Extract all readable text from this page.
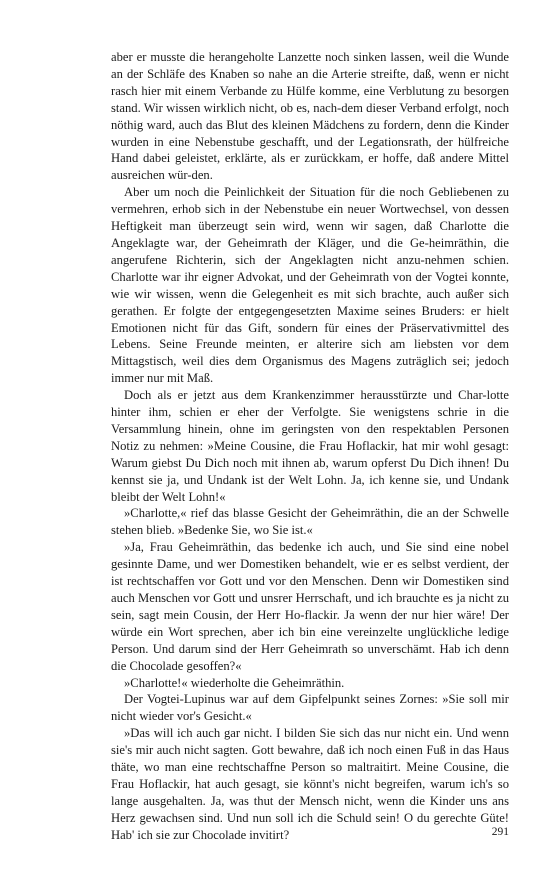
aber er musste die herangeholte Lanzette noch sinken lassen, weil die Wunde an der Schläfe des Knaben so nahe an die Arterie streifte, daß, wenn er nicht rasch hier mit einem Verbande zu Hülfe komme, eine Verblutung zu besorgen stand. Wir wissen wirklich nicht, ob es, nach-dem dieser Verband erfolgt, noch nöthig ward, auch das Blut des kleinen Mädchens zu fordern, denn die Kinder wurden in eine Nebenstube geschafft, und der Legationsrath, der hülfreiche Hand dabei geleistet, erklärte, als er zurückkam, er hoffe, daß andere Mittel ausreichen wür-den.

Aber um noch die Peinlichkeit der Situation für die noch Gebliebenen zu vermehren, erhob sich in der Nebenstube ein neuer Wortwechsel, von dessen Heftigkeit man überzeugt sein wird, wenn wir sagen, daß Charlotte die Angeklagte war, der Geheimrath der Kläger, und die Ge-heimräthin, die angerufene Richterin, sich der Angeklagten nicht anzu-nehmen schien. Charlotte war ihr eigner Advokat, und der Geheimrath von der Vogtei konnte, wie wir wissen, wenn die Gelegenheit es mit sich brachte, auch außer sich gerathen. Er folgte der entgegengesetzten Maxime seines Bruders: er hielt Emotionen nicht für das Gift, sondern für eines der Präservativmittel des Lebens. Seine Freunde meinten, er alterire sich am liebsten vor dem Mittagstisch, weil dies dem Organismus des Magens zuträglich sei; jedoch immer nur mit Maß.

Doch als er jetzt aus dem Krankenzimmer herausstürzte und Char-lotte hinter ihm, schien er eher der Verfolgte. Sie wenigstens schrie in die Versammlung hinein, ohne im geringsten von den respektablen Personen Notiz zu nehmen: »Meine Cousine, die Frau Hoflackir, hat mir wohl gesagt: Warum giebst Du Dich noch mit ihnen ab, warum opferst Du Dich ihnen! Du kennst sie ja, und Undank ist der Welt Lohn. Ja, ich kenne sie, und Undank bleibt der Welt Lohn!«

»Charlotte,« rief das blasse Gesicht der Geheimräthin, die an der Schwelle stehen blieb. »Bedenke Sie, wo Sie ist.«

»Ja, Frau Geheimräthin, das bedenke ich auch, und Sie sind eine nobel gesinnte Dame, und wer Domestiken behandelt, wie er es selbst verdient, der ist rechtschaffen vor Gott und vor den Menschen. Denn wir Domestiken sind auch Menschen vor Gott und unsrer Herrschaft, und ich brauchte es ja nicht zu sein, sagt mein Cousin, der Herr Ho-flackir. Ja wenn der nur hier wäre! Der würde ein Wort sprechen, aber ich bin eine vereinzelte unglückliche ledige Person. Und darum sind der Herr Geheimrath so unverschämt. Hab ich denn die Chocolade gesoffen?«

»Charlotte!« wiederholte die Geheimräthin.

Der Vogtei-Lupinus war auf dem Gipfelpunkt seines Zornes: »Sie soll mir nicht wieder vor's Gesicht.«

»Das will ich auch gar nicht. I bilden Sie sich das nur nicht ein. Und wenn sie's mir auch nicht sagten. Gott bewahre, daß ich noch einen Fuß in das Haus thäte, wo man eine rechtschaffne Person so maltraitirt. Meine Cousine, die Frau Hoflackir, hat auch gesagt, sie könnt's nicht begreifen, warum ich's so lange ausgehalten. Ja, was thut der Mensch nicht, wenn die Kinder uns ans Herz gewachsen sind. Und nun soll ich die Schuld sein! O du gerechte Güte! Hab' ich sie zur Chocolade invitirt?	291
